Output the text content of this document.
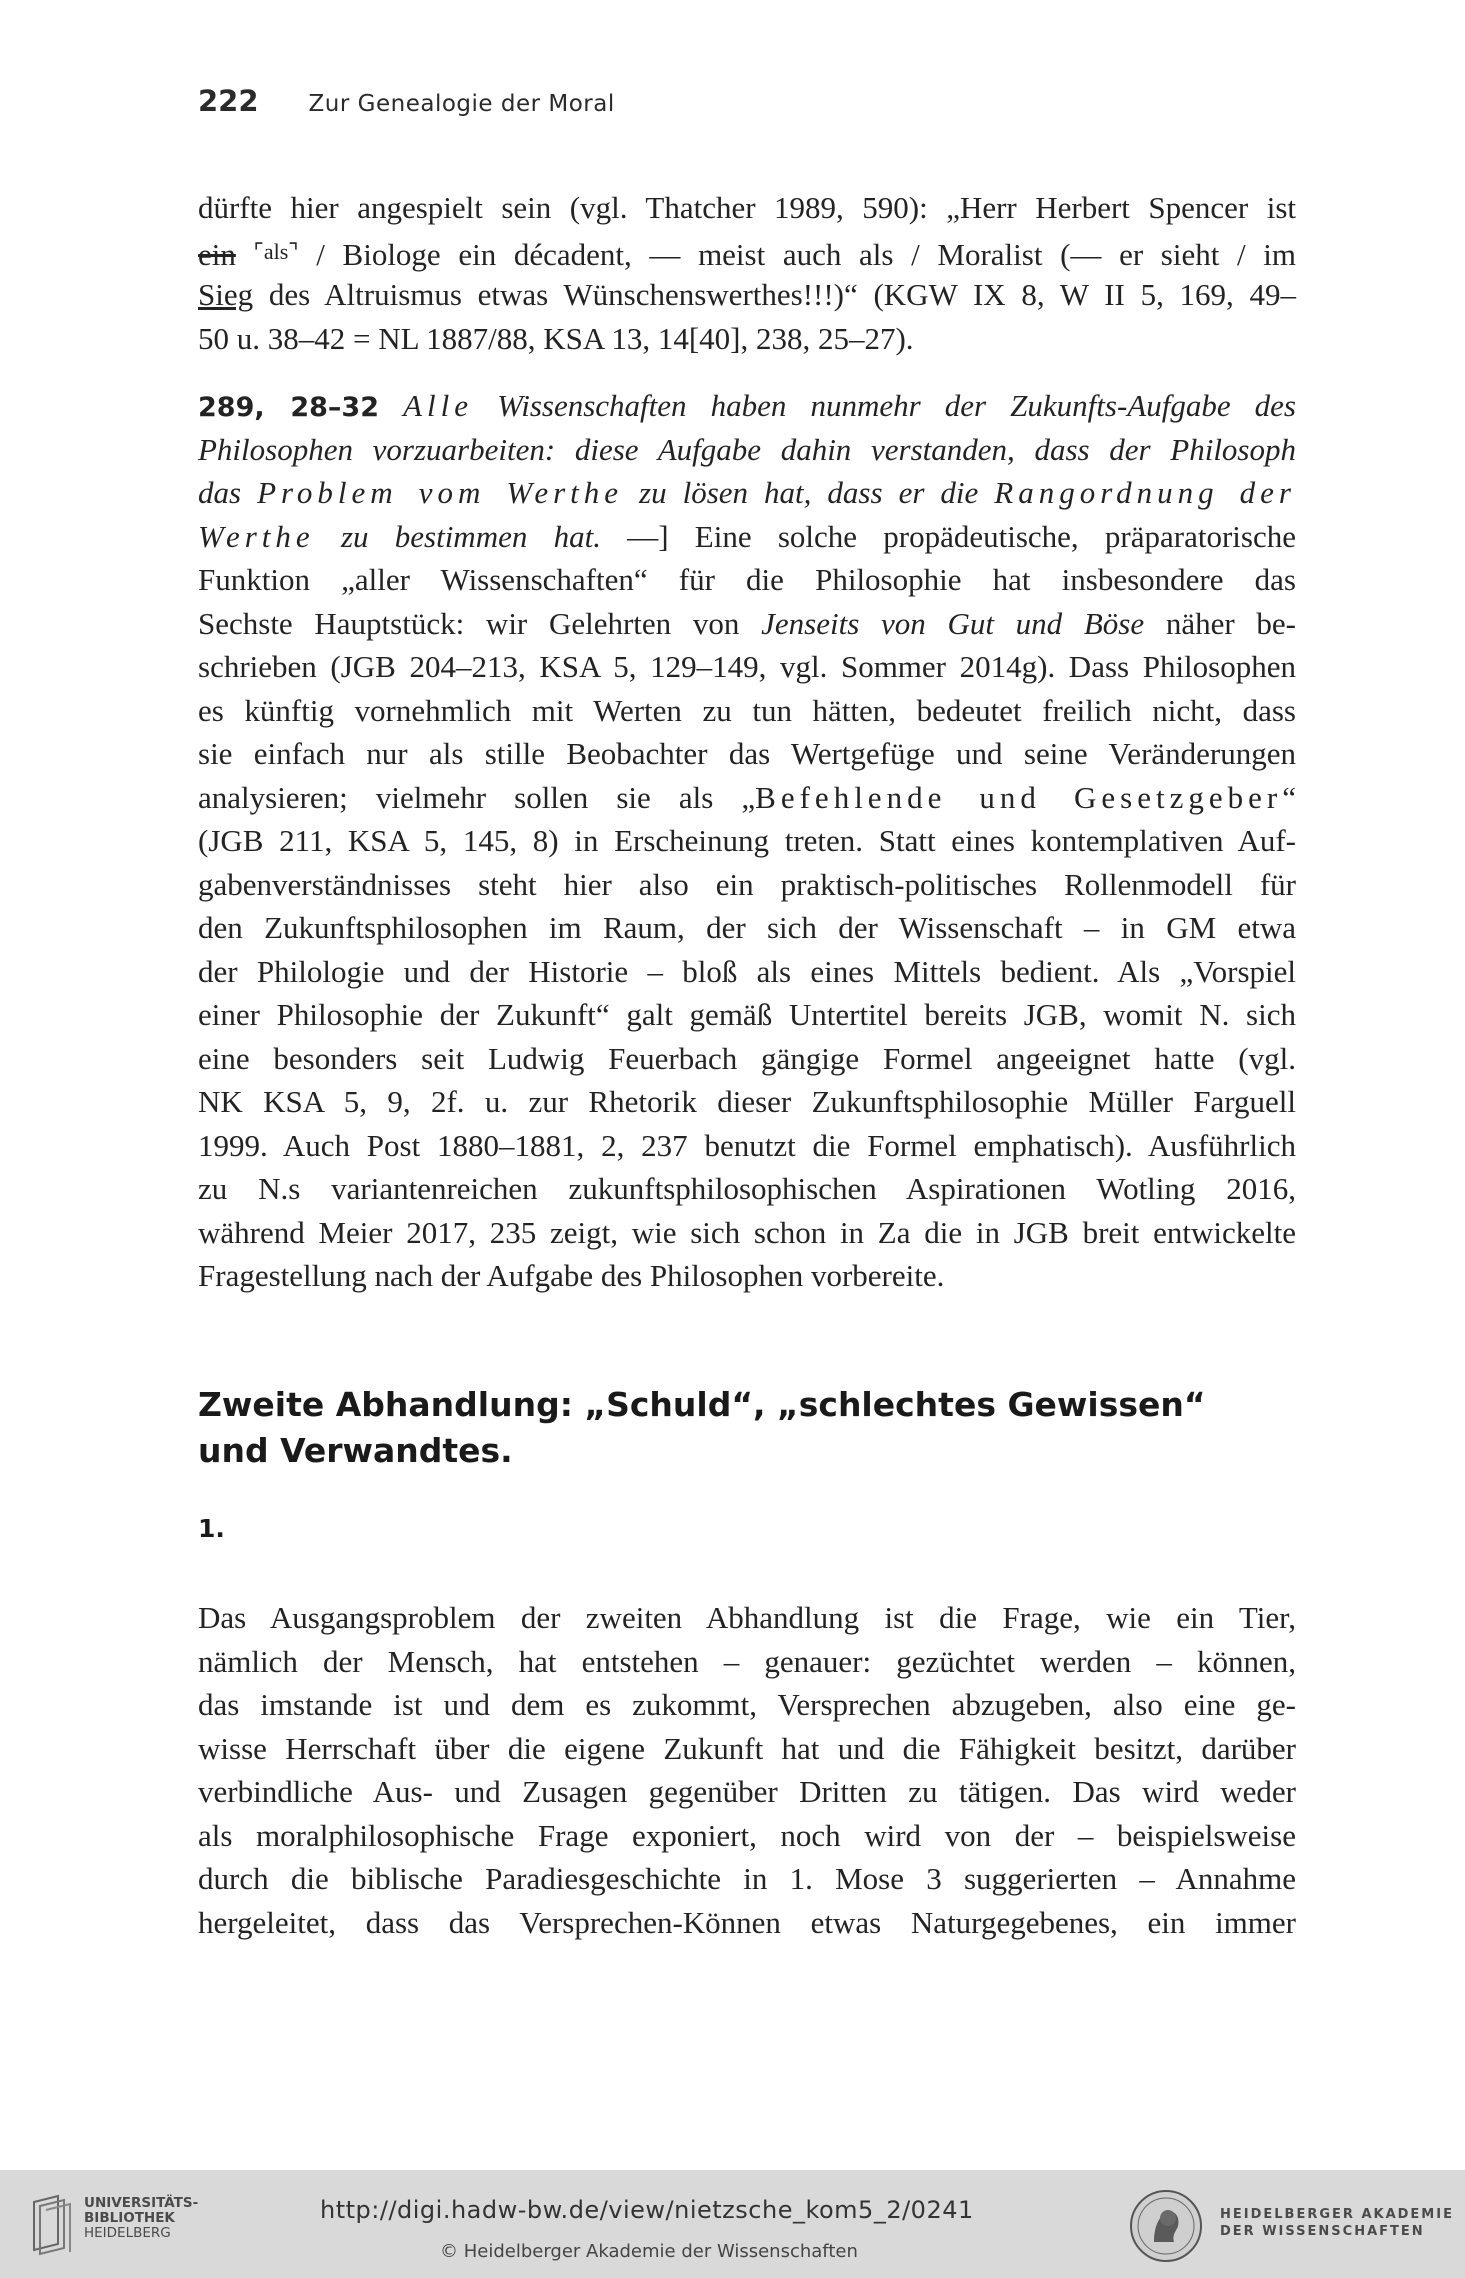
222 Zur Genealogie der Moral
dürfte hier angespielt sein (vgl. Thatcher 1989, 590): „Herr Herbert Spencer ist
ein ⌜als⌝ / Biologe ein décadent, — meist auch als / Moralist (— er sieht / im
Sieg des Altruismus etwas Wünschenswerthes!!!)“ (KGW IX 8, W II 5, 169, 49–
50 u. 38–42 = NL 1887/88, KSA 13, 14[40], 238, 25–27).
289, 28–32 Alle Wissenschaften haben nunmehr der Zukunfts-Aufgabe des
Philosophen vorzuarbeiten: diese Aufgabe dahin verstanden, dass der Philosoph
das Problem vom Werthe zu lösen hat, dass er die Rangordnung der
Werthe zu bestimmen hat. —] Eine solche propädeutische, präparatorische
Funktion „aller Wissenschaften“ für die Philosophie hat insbesondere das
Sechste Hauptstück: wir Gelehrten von Jenseits von Gut und Böse näher be-
schrieben (JGB 204–213, KSA 5, 129–149, vgl. Sommer 2014g). Dass Philosophen
es künftig vornehmlich mit Werten zu tun hätten, bedeutet freilich nicht, dass
sie einfach nur als stille Beobachter das Wertgefüge und seine Veränderungen
analysieren; vielmehr sollen sie als „Befehlende und Gesetzgeber“
(JGB 211, KSA 5, 145, 8) in Erscheinung treten. Statt eines kontemplativen Auf-
gabenverständnisses steht hier also ein praktisch-politisches Rollenmodell für
den Zukunftsphilosophen im Raum, der sich der Wissenschaft – in GM etwa
der Philologie und der Historie – bloß als eines Mittels bedient. Als „Vorspiel
einer Philosophie der Zukunft“ galt gemäß Untertitel bereits JGB, womit N. sich
eine besonders seit Ludwig Feuerbach gängige Formel angeeignet hatte (vgl.
NK KSA 5, 9, 2f. u. zur Rhetorik dieser Zukunftsphilosophie Müller Farguell
1999. Auch Post 1880–1881, 2, 237 benutzt die Formel emphatisch). Ausführlich
zu N.s variantenreichen zukunftsphilosophischen Aspirationen Wotling 2016,
während Meier 2017, 235 zeigt, wie sich schon in Za die in JGB breit entwickelte
Fragestellung nach der Aufgabe des Philosophen vorbereite.
Zweite Abhandlung: „Schuld“, „schlechtes Gewissen“
und Verwandtes.
1.
Das Ausgangsproblem der zweiten Abhandlung ist die Frage, wie ein Tier,
nämlich der Mensch, hat entstehen – genauer: gezüchtet werden – können,
das imstande ist und dem es zukommt, Versprechen abzugeben, also eine ge-
wisse Herrschaft über die eigene Zukunft hat und die Fähigkeit besitzt, darüber
verbindliche Aus- und Zusagen gegenüber Dritten zu tätigen. Das wird weder
als moralphilosophische Frage exponiert, noch wird von der – beispielsweise
durch die biblische Paradiesgeschichte in 1. Mose 3 suggerierten – Annahme
hergeleitet, dass das Versprechen-Können etwas Naturgegebenes, ein immer
UNIVERSITÄTS-
BIBLIOTHEK
HEIDELBERG
http://digi.hadw-bw.de/view/nietzsche_kom5_2/0241
© Heidelberger Akademie der Wissenschaften
HEIDELBERGER AKADEMIE
DER WISSENSCHAFTEN
